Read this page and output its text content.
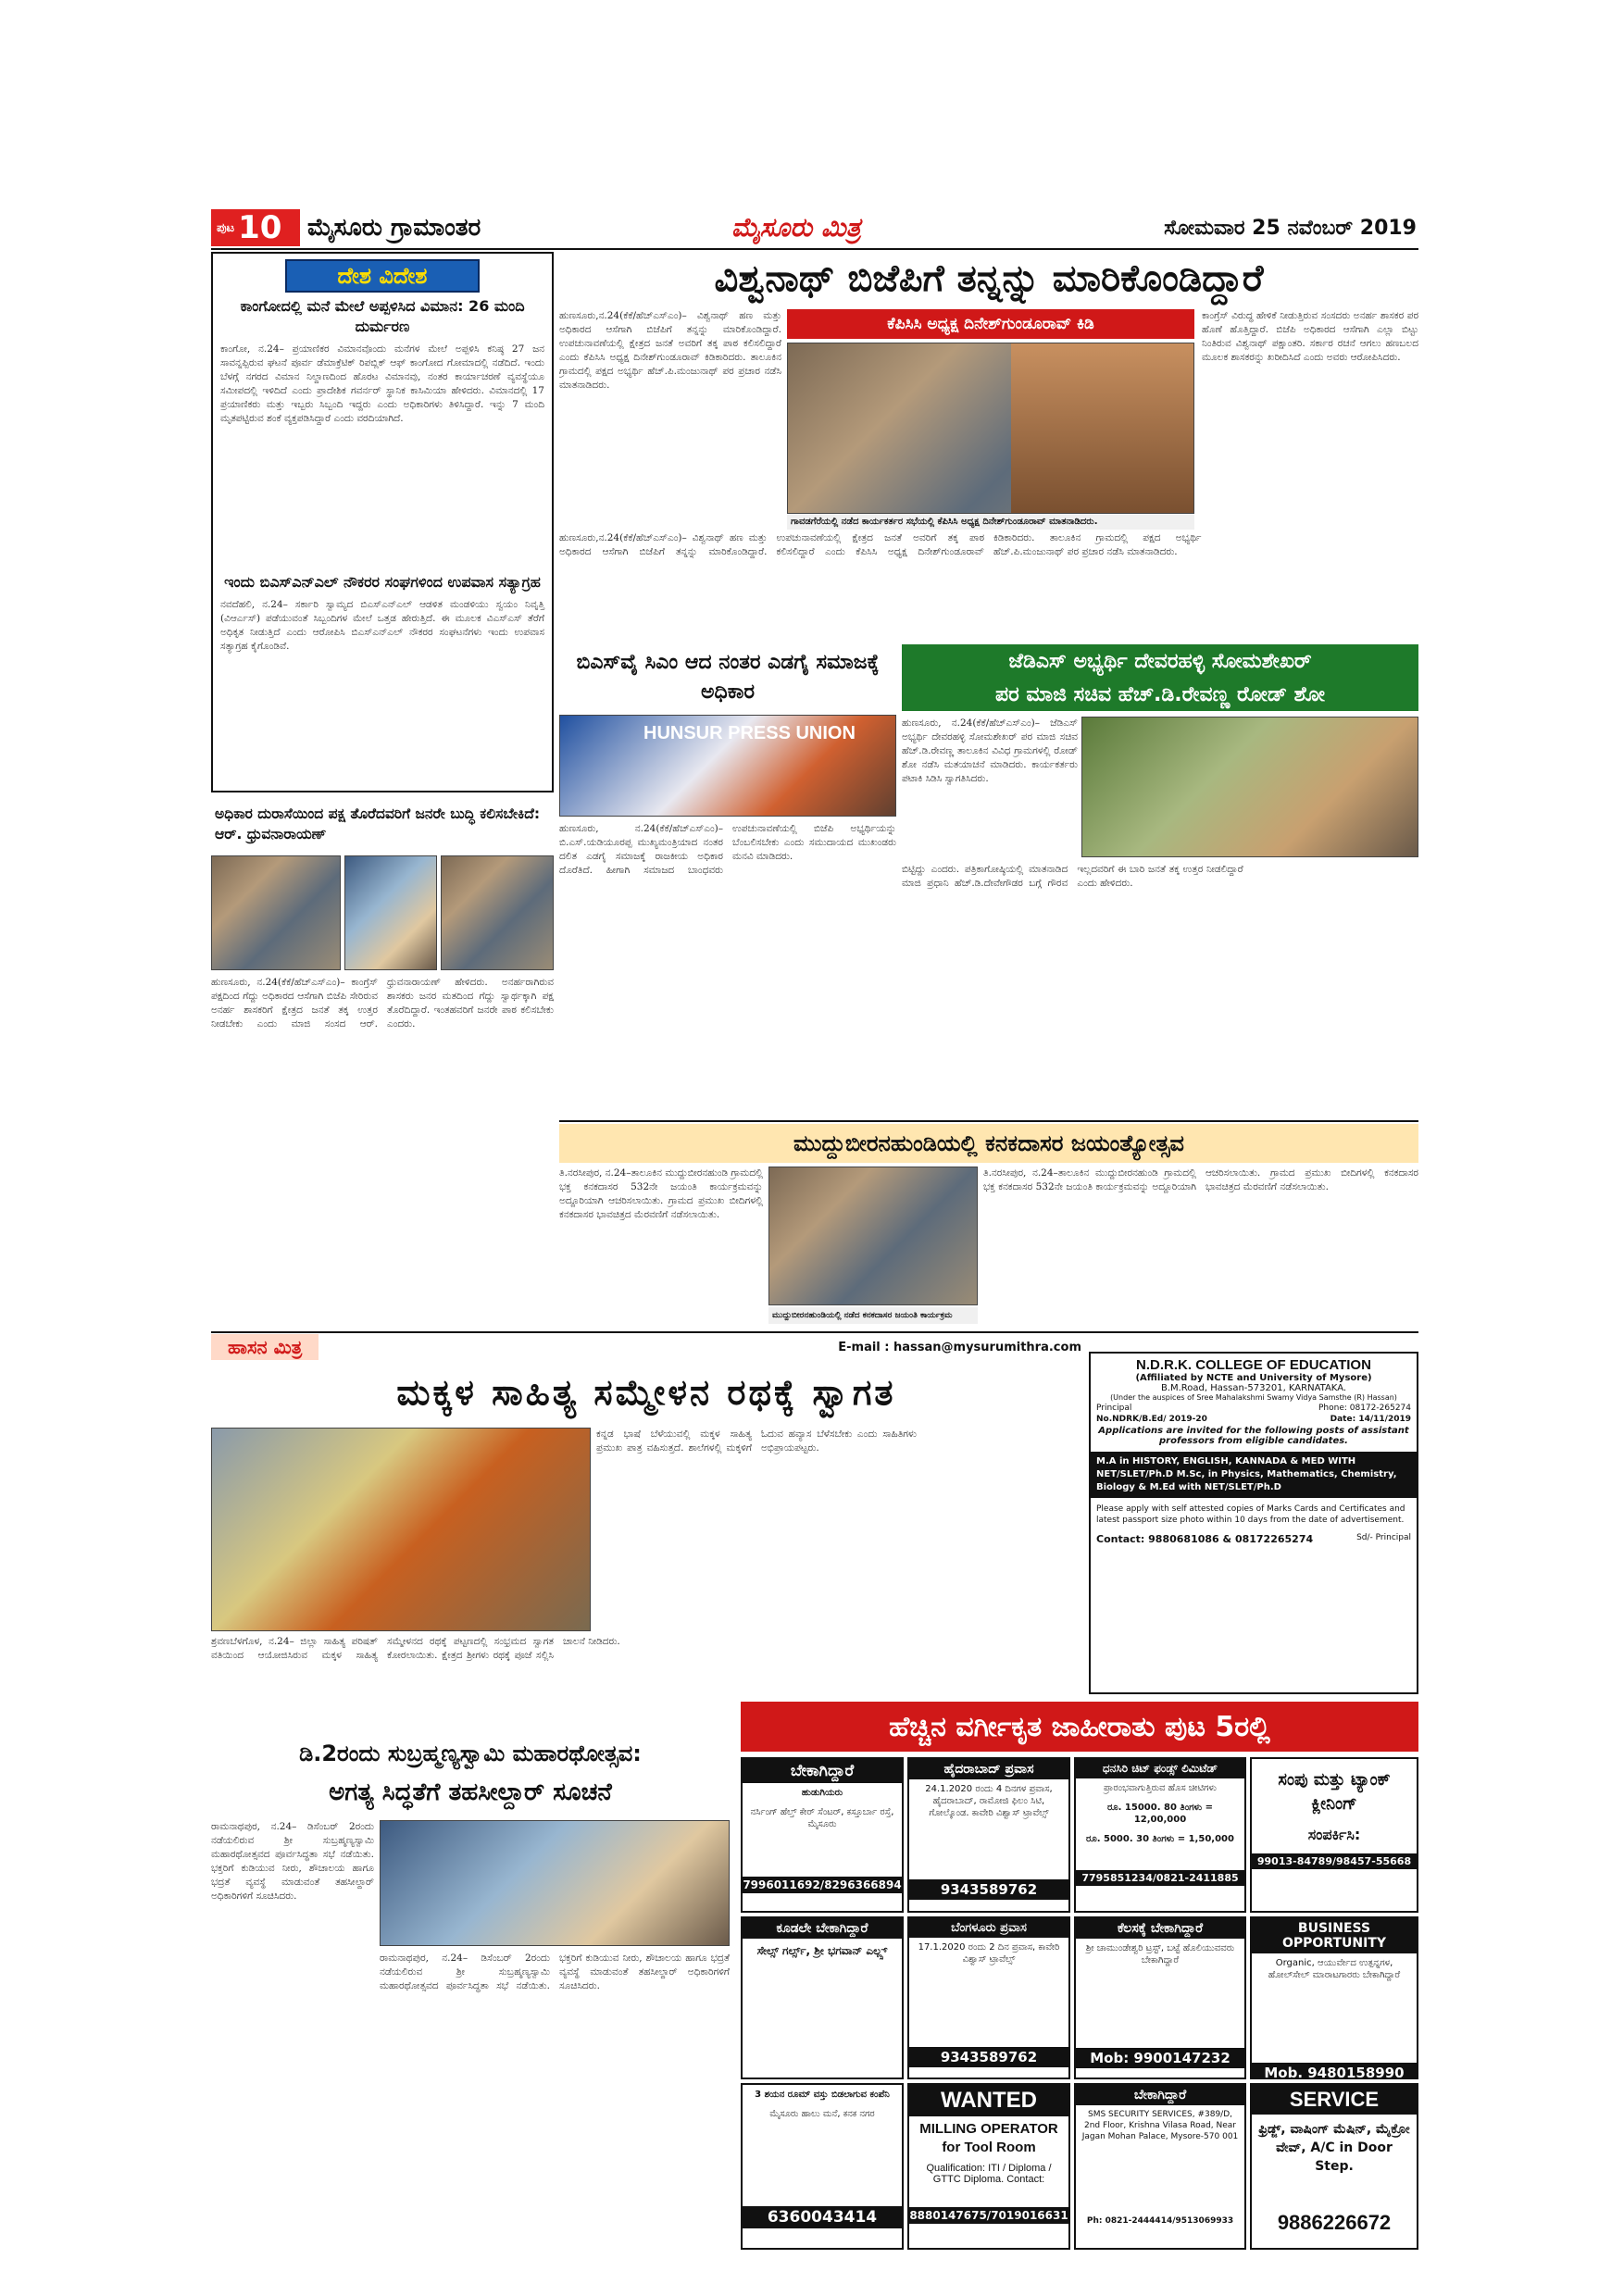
ಪುಟ 10 ಮೈಸೂರು ಗ್ರಾಮಾಂತರ	ಮೈಸೂರು ಮಿತ್ರ	ಸೋಮವಾರ 25 ನವೆಂಬರ್ 2019
ದೇಶ ವಿದೇಶ
ಕಾಂಗೋದಲ್ಲಿ ಮನೆ ಮೇಲೆ ಅಪ್ಪಳಿಸಿದ ವಿಮಾನ: 26 ಮಂದಿ ದುರ್ಮರಣ
ಕಾಂಗೋ, ನ.24– ಪ್ರಯಾಣಿಕರ ವಿಮಾನವೊಂದು ಮನೆಗಳ ಮೇಲೆ ಅಪ್ಪಳಿಸಿ ಕನಿಷ್ಠ 27 ಜನ ಸಾವನ್ನಪ್ಪಿರುವ ಘಟನೆ ಪೂರ್ವ ಡೆಮಾಕ್ರೆಟಿಕ್ ರಿಪಬ್ಲಿಕ್ ಆಫ್ ಕಾಂಗೋದ ಗೋಮಾದಲ್ಲಿ ನಡೆದಿದೆ. ಇಂದು ಬೆಳಗ್ಗೆ ನಗರದ ವಿಮಾನ ನಿಲ್ದಾಣದಿಂದ ಹೊರಟ ವಿಮಾನವು, ನಂತರ ಕಾರ್ಯಾಚರಣೆ ವ್ಯವಸ್ಥೆಯೂ ಸಮೀಪದಲ್ಲಿ ಇಳಿದಿದೆ ಎಂದು ಪ್ರಾದೇಶಿಕ ಗವರ್ನರ್ ಸ್ಥಾನಿಕ ಕಾಸಿಮಿಯಾ ಹೇಳಿದರು. ವಿಮಾನದಲ್ಲಿ 17 ಪ್ರಯಾಣಿಕರು ಮತ್ತು ಇಬ್ಬರು ಸಿಬ್ಬಂದಿ ಇದ್ದರು ಎಂದು ಅಧಿಕಾರಿಗಳು ತಿಳಿಸಿದ್ದಾರೆ. ಇನ್ನು 7 ಮಂದಿ ಮೃತಪಟ್ಟಿರುವ ಶಂಕೆ ವ್ಯಕ್ತಪಡಿಸಿದ್ದಾರೆ ಎಂದು ವರದಿಯಾಗಿದೆ.
ಇಂದು ಬಿಎಸ್ಎನ್ಎಲ್ ನೌಕರರ ಸಂಘಗಳಿಂದ ಉಪವಾಸ ಸತ್ಯಾಗ್ರಹ
ನವದೆಹಲಿ, ನ.24– ಸರ್ಕಾರಿ ಸ್ವಾಮ್ಯದ ಬಿಎಸ್ಎನ್ಎಲ್ ಆಡಳಿತ ಮಂಡಳಿಯು ಸ್ವಯಂ ನಿವೃತ್ತಿ (ವಿಆರ್ಎಸ್) ಪಡೆಯುವಂತೆ ಸಿಬ್ಬಂದಿಗಳ ಮೇಲೆ ಒತ್ತಡ ಹೇರುತ್ತಿದೆ. ಈ ಮೂಲಕ ವಿಎಸ್ಎಸ್ ತೆರೆಗೆ ಅಧಿಕೃತ ನೀಡುತ್ತಿದೆ ಎಂದು ಆರೋಪಿಸಿ ಬಿಎಸ್ಎನ್ಎಲ್ ನೌಕರರ ಸಂಘಟನೆಗಳು ಇಂದು ಉಪವಾಸ ಸತ್ಯಾಗ್ರಹ ಕೈಗೊಂಡಿವೆ.
ವಿಶ್ವನಾಥ್ ಬಿಜೆಪಿಗೆ ತನ್ನನ್ನು ಮಾರಿಕೊಂಡಿದ್ದಾರೆ
ಕೆಪಿಸಿಸಿ ಅಧ್ಯಕ್ಷ ದಿನೇಶ್‌ಗುಂಡೂರಾವ್ ಕಿಡಿ
ಹುಣಸೂರು,ನ.24(ಕೆಕೆ/ಹೆಚ್‌ಎಸ್‌ಎಂ)– ವಿಶ್ವನಾಥ್ ಹಣ ಮತ್ತು ಅಧಿಕಾರದ ಆಸೆಗಾಗಿ ಬಿಜೆಪಿಗೆ ತನ್ನನ್ನು ಮಾರಿಕೊಂಡಿದ್ದಾರೆ. ಉಪಚುನಾವಣೆಯಲ್ಲಿ ಕ್ಷೇತ್ರದ ಜನತೆ ಅವರಿಗೆ ತಕ್ಕ ಪಾಠ ಕಲಿಸಲಿದ್ದಾರೆ ಎಂದು ಕೆಪಿಸಿಸಿ ಅಧ್ಯಕ್ಷ ದಿನೇಶ್‌ಗುಂಡೂರಾವ್ ಕಿಡಿಕಾರಿದರು. ತಾಲೂಕಿನ ಗ್ರಾಮದಲ್ಲಿ ಪಕ್ಷದ ಅಭ್ಯರ್ಥಿ ಹೆಚ್.ಪಿ.ಮಂಜುನಾಥ್ ಪರ ಪ್ರಚಾರ ನಡೆಸಿ ಮಾತನಾಡಿದರು.
ಕಾಂಗ್ರೆಸ್ ವಿರುದ್ಧ ಹೇಳಿಕೆ ನೀಡುತ್ತಿರುವ ಸಂಸದರು ಅನರ್ಹ ಶಾಸಕರ ಪರ ಹೊಣೆ ಹೊತ್ತಿದ್ದಾರೆ. ಬಿಜೆಪಿ ಅಧಿಕಾರದ ಆಸೆಗಾಗಿ ಎಲ್ಲಾ ಬಿಟ್ಟು ನಿಂತಿರುವ ವಿಶ್ವನಾಥ್ ಪಕ್ಷಾಂತರಿ. ಸರ್ಕಾರ ರಚನೆ ಆಗಲು ಹಣಬಲದ ಮೂಲಕ ಶಾಸಕರನ್ನು ಖರೀದಿಸಿದೆ ಎಂದು ಅವರು ಆರೋಪಿಸಿದರು.
ಗಾವಡಗೆರೆಯಲ್ಲಿ ನಡೆದ ಕಾರ್ಯಕರ್ತರ ಸಭೆಯಲ್ಲಿ ಕೆಪಿಸಿಸಿ ಅಧ್ಯಕ್ಷ ದಿನೇಶ್‌ಗುಂಡೂರಾವ್ ಮಾತನಾಡಿದರು.
ಹುಣಸೂರು,ನ.24(ಕೆಕೆ/ಹೆಚ್‌ಎಸ್‌ಎಂ)– ವಿಶ್ವನಾಥ್ ಹಣ ಮತ್ತು ಅಧಿಕಾರದ ಆಸೆಗಾಗಿ ಬಿಜೆಪಿಗೆ ತನ್ನನ್ನು ಮಾರಿಕೊಂಡಿದ್ದಾರೆ. ಉಪಚುನಾವಣೆಯಲ್ಲಿ ಕ್ಷೇತ್ರದ ಜನತೆ ಅವರಿಗೆ ತಕ್ಕ ಪಾಠ ಕಲಿಸಲಿದ್ದಾರೆ ಎಂದು ಕೆಪಿಸಿಸಿ ಅಧ್ಯಕ್ಷ ದಿನೇಶ್‌ಗುಂಡೂರಾವ್ ಕಿಡಿಕಾರಿದರು. ತಾಲೂಕಿನ ಗ್ರಾಮದಲ್ಲಿ ಪಕ್ಷದ ಅಭ್ಯರ್ಥಿ ಹೆಚ್.ಪಿ.ಮಂಜುನಾಥ್ ಪರ ಪ್ರಚಾರ ನಡೆಸಿ ಮಾತನಾಡಿದರು.
ಅಧಿಕಾರ ದುರಾಸೆಯಿಂದ ಪಕ್ಷ ತೊರೆದವರಿಗೆ ಜನರೇ ಬುದ್ಧಿ ಕಲಿಸಬೇಕಿದೆ: ಆರ್. ಧ್ರುವನಾರಾಯಣ್
ಹುಣಸೂರು, ನ.24(ಕೆಕೆ/ಹೆಚ್‌ಎಸ್‌ಎಂ)– ಕಾಂಗ್ರೆಸ್ ಪಕ್ಷದಿಂದ ಗೆದ್ದು ಅಧಿಕಾರದ ಆಸೆಗಾಗಿ ಬಿಜೆಪಿ ಸೇರಿರುವ ಅನರ್ಹ ಶಾಸಕರಿಗೆ ಕ್ಷೇತ್ರದ ಜನತೆ ತಕ್ಕ ಉತ್ತರ ನೀಡಬೇಕು ಎಂದು ಮಾಜಿ ಸಂಸದ ಆರ್. ಧ್ರುವನಾರಾಯಣ್ ಹೇಳಿದರು. ಅನರ್ಹರಾಗಿರುವ ಶಾಸಕರು ಜನರ ಮತದಿಂದ ಗೆದ್ದು ಸ್ವಾರ್ಥಕ್ಕಾಗಿ ಪಕ್ಷ ತೊರೆದಿದ್ದಾರೆ. ಇಂತಹವರಿಗೆ ಜನರೇ ಪಾಠ ಕಲಿಸಬೇಕು ಎಂದರು.
ಬಿಎಸ್‌ವೈ ಸಿಎಂ ಆದ ನಂತರ ಎಡಗೈ ಸಮಾಜಕ್ಕೆ ಅಧಿಕಾರ
HUNSUR PRESS UNION
ಹುಣಸೂರು, ನ.24(ಕೆಕೆ/ಹೆಚ್‌ಎಸ್‌ಎಂ)– ಬಿ.ಎಸ್.ಯಡಿಯೂರಪ್ಪ ಮುಖ್ಯಮಂತ್ರಿಯಾದ ನಂತರ ದಲಿತ ಎಡಗೈ ಸಮಾಜಕ್ಕೆ ರಾಜಕೀಯ ಅಧಿಕಾರ ದೊರೆತಿದೆ. ಹೀಗಾಗಿ ಸಮಾಜದ ಬಾಂಧವರು ಉಪಚುನಾವಣೆಯಲ್ಲಿ ಬಿಜೆಪಿ ಅಭ್ಯರ್ಥಿಯನ್ನು ಬೆಂಬಲಿಸಬೇಕು ಎಂದು ಸಮುದಾಯದ ಮುಖಂಡರು ಮನವಿ ಮಾಡಿದರು.
ಜೆಡಿಎಸ್ ಅಭ್ಯರ್ಥಿ ದೇವರಹಳ್ಳಿ ಸೋಮಶೇಖರ್
ಪರ ಮಾಜಿ ಸಚಿವ ಹೆಚ್.ಡಿ.ರೇವಣ್ಣ ರೋಡ್ ಶೋ
ಹುಣಸೂರು, ನ.24(ಕೆಕೆ/ಹೆಚ್‌ಎಸ್‌ಎಂ)– ಜೆಡಿಎಸ್ ಅಭ್ಯರ್ಥಿ ದೇವರಹಳ್ಳಿ ಸೋಮಶೇಖರ್ ಪರ ಮಾಜಿ ಸಚಿವ ಹೆಚ್.ಡಿ.ರೇವಣ್ಣ ತಾಲೂಕಿನ ವಿವಿಧ ಗ್ರಾಮಗಳಲ್ಲಿ ರೋಡ್ ಶೋ ನಡೆಸಿ ಮತಯಾಚನೆ ಮಾಡಿದರು. ಕಾರ್ಯಕರ್ತರು ಪಟಾಕಿ ಸಿಡಿಸಿ ಸ್ವಾಗತಿಸಿದರು.
ಬಿಟ್ಟಿದ್ದು ಎಂದರು. ಪತ್ರಿಕಾಗೋಷ್ಠಿಯಲ್ಲಿ ಮಾತನಾಡಿದ ಮಾಜಿ ಪ್ರಧಾನಿ ಹೆಚ್.ಡಿ.ದೇವೇಗೌಡರ ಬಗ್ಗೆ ಗೌರವ ಇಲ್ಲದವರಿಗೆ ಈ ಬಾರಿ ಜನತೆ ತಕ್ಕ ಉತ್ತರ ನೀಡಲಿದ್ದಾರೆ ಎಂದು ಹೇಳಿದರು.
ಮುದ್ದುಬೀರನಹುಂಡಿಯಲ್ಲಿ ಕನಕದಾಸರ ಜಯಂತ್ಯೋತ್ಸವ
ತಿ.ನರಸೀಪುರ, ನ.24–ತಾಲೂಕಿನ ಮುದ್ದುಬೀರನಹುಂಡಿ ಗ್ರಾಮದಲ್ಲಿ ಭಕ್ತ ಕನಕದಾಸರ 532ನೇ ಜಯಂತಿ ಕಾರ್ಯಕ್ರಮವನ್ನು ಅದ್ದೂರಿಯಾಗಿ ಆಚರಿಸಲಾಯಿತು. ಗ್ರಾಮದ ಪ್ರಮುಖ ಬೀದಿಗಳಲ್ಲಿ ಕನಕದಾಸರ ಭಾವಚಿತ್ರದ ಮೆರವಣಿಗೆ ನಡೆಸಲಾಯಿತು.
ಮುದ್ದುಬೀರನಹುಂಡಿಯಲ್ಲಿ ನಡೆದ ಕನಕದಾಸರ ಜಯಂತಿ ಕಾರ್ಯಕ್ರಮ
ತಿ.ನರಸೀಪುರ, ನ.24–ತಾಲೂಕಿನ ಮುದ್ದುಬೀರನಹುಂಡಿ ಗ್ರಾಮದಲ್ಲಿ ಭಕ್ತ ಕನಕದಾಸರ 532ನೇ ಜಯಂತಿ ಕಾರ್ಯಕ್ರಮವನ್ನು ಅದ್ದೂರಿಯಾಗಿ ಆಚರಿಸಲಾಯಿತು. ಗ್ರಾಮದ ಪ್ರಮುಖ ಬೀದಿಗಳಲ್ಲಿ ಕನಕದಾಸರ ಭಾವಚಿತ್ರದ ಮೆರವಣಿಗೆ ನಡೆಸಲಾಯಿತು.
ಹಾಸನ ಮಿತ್ರ	E-mail : hassan@mysurumithra.com
ಮಕ್ಕಳ ಸಾಹಿತ್ಯ ಸಮ್ಮೇಳನ ರಥಕ್ಕೆ ಸ್ವಾಗತ
ಕನ್ನಡ ಭಾಷೆ ಬೆಳೆಯುವಲ್ಲಿ ಮಕ್ಕಳ ಸಾಹಿತ್ಯ ಪ್ರಮುಖ ಪಾತ್ರ ವಹಿಸುತ್ತದೆ. ಶಾಲೆಗಳಲ್ಲಿ ಮಕ್ಕಳಿಗೆ ಓದುವ ಹವ್ಯಾಸ ಬೆಳೆಸಬೇಕು ಎಂದು ಸಾಹಿತಿಗಳು ಅಭಿಪ್ರಾಯಪಟ್ಟರು.
ಶ್ರವಣಬೆಳಗೊಳ, ನ.24– ಜಿಲ್ಲಾ ಸಾಹಿತ್ಯ ಪರಿಷತ್ ವತಿಯಿಂದ ಆಯೋಜಿಸಿರುವ ಮಕ್ಕಳ ಸಾಹಿತ್ಯ ಸಮ್ಮೇಳನದ ರಥಕ್ಕೆ ಪಟ್ಟಣದಲ್ಲಿ ಸಂಭ್ರಮದ ಸ್ವಾಗತ ಕೋರಲಾಯಿತು. ಕ್ಷೇತ್ರದ ಶ್ರೀಗಳು ರಥಕ್ಕೆ ಪೂಜೆ ಸಲ್ಲಿಸಿ ಚಾಲನೆ ನೀಡಿದರು.
N.D.R.K. COLLEGE OF EDUCATION
(Affiliated by NCTE and University of Mysore)
B.M.Road, Hassan-573201, KARNATAKA.
(Under the auspices of Sree Mahalakshmi Swamy Vidya Samsthe (R) Hassan)
Principal	Phone: 08172-265274
No.NDRK/B.Ed/ 2019-20	Date: 14/11/2019
Applications are invited for the following posts of assistant professors from eligible candidates.
M.A in HISTORY, ENGLISH, KANNADA & MED WITH NET/SLET/Ph.D M.Sc, in Physics, Mathematics, Chemistry, Biology & M.Ed with NET/SLET/Ph.D
Please apply with self attested copies of Marks Cards and Certificates and latest passport size photo within 10 days from the date of advertisement.
Contact: 9880681086 & 08172265274	Sd/- Principal
ಹೆಚ್ಚಿನ ವರ್ಗೀಕೃತ ಜಾಹೀರಾತು ಪುಟ 5ರಲ್ಲಿ
ಡಿ.2ರಂದು ಸುಬ್ರಹ್ಮಣ್ಯಸ್ವಾಮಿ ಮಹಾರಥೋತ್ಸವ:
ಅಗತ್ಯ ಸಿದ್ಧತೆಗೆ ತಹಸೀಲ್ದಾರ್ ಸೂಚನೆ
ರಾಮನಾಥಪುರ, ನ.24– ಡಿಸೆಂಬರ್ 2ರಂದು ನಡೆಯಲಿರುವ ಶ್ರೀ ಸುಬ್ರಹ್ಮಣ್ಯಸ್ವಾಮಿ ಮಹಾರಥೋತ್ಸವದ ಪೂರ್ವಸಿದ್ಧತಾ ಸಭೆ ನಡೆಯಿತು. ಭಕ್ತರಿಗೆ ಕುಡಿಯುವ ನೀರು, ಶೌಚಾಲಯ ಹಾಗೂ ಭದ್ರತೆ ವ್ಯವಸ್ಥೆ ಮಾಡುವಂತೆ ತಹಸೀಲ್ದಾರ್ ಅಧಿಕಾರಿಗಳಿಗೆ ಸೂಚಿಸಿದರು.
ರಾಮನಾಥಪುರ, ನ.24– ಡಿಸೆಂಬರ್ 2ರಂದು ನಡೆಯಲಿರುವ ಶ್ರೀ ಸುಬ್ರಹ್ಮಣ್ಯಸ್ವಾಮಿ ಮಹಾರಥೋತ್ಸವದ ಪೂರ್ವಸಿದ್ಧತಾ ಸಭೆ ನಡೆಯಿತು. ಭಕ್ತರಿಗೆ ಕುಡಿಯುವ ನೀರು, ಶೌಚಾಲಯ ಹಾಗೂ ಭದ್ರತೆ ವ್ಯವಸ್ಥೆ ಮಾಡುವಂತೆ ತಹಸೀಲ್ದಾರ್ ಅಧಿಕಾರಿಗಳಿಗೆ ಸೂಚಿಸಿದರು.
ಬೇಕಾಗಿದ್ದಾರೆ
ಹುಡುಗಿಯರು
ನರ್ಸಿಂಗ್ ಹೆಲ್ತ್ ಕೇರ್ ಸೆಂಟರ್, ಕಸ್ತೂರ್ಬಾ ರಸ್ತೆ, ಮೈಸೂರು
7996011692/8296366894
ಹೈದರಾಬಾದ್ ಪ್ರವಾಸ
24.1.2020 ರಂದು 4 ದಿನಗಳ ಪ್ರವಾಸ, ಹೈದರಾಬಾದ್, ರಾಮೋಜಿ ಫಿಲಂ ಸಿಟಿ, ಗೋಲ್ಕೊಂಡ. ಕಾವೇರಿ ವಿಶ್ವಾಸ್ ಟ್ರಾವೆಲ್ಸ್
9343589762
ಧನಸಿರಿ ಚಿಟ್ ಫಂಡ್ಸ್ ಲಿಮಿಟೆಡ್
ಪ್ರಾರಂಭವಾಗುತ್ತಿರುವ ಹೊಸ ಚೀಟಿಗಳು
ರೂ. 15000. 80 ತಿಂಗಳು = 12,00,000
ರೂ. 5000. 30 ತಿಂಗಳು = 1,50,000
7795851234/0821-2411885
ಸಂಪು ಮತ್ತು ಟ್ಯಾಂಕ್ ಕ್ಲೀನಿಂಗ್
ಸಂಪರ್ಕಿಸಿ:
99013-84789/98457-55668
ಕೂಡಲೇ ಬೇಕಾಗಿದ್ದಾರೆ
ಸೇಲ್ಸ್ ಗರ್ಲ್ಸ್, ಶ್ರೀ ಭಗವಾನ್ ಎಲ್ಲ್ಸ್
ಬೆಂಗಳೂರು ಪ್ರವಾಸ
17.1.2020 ರಂದು 2 ದಿನ ಪ್ರವಾಸ, ಕಾವೇರಿ ವಿಶ್ವಾಸ್ ಟ್ರಾವೆಲ್ಸ್
9343589762
ಕೆಲಸಕ್ಕೆ ಬೇಕಾಗಿದ್ದಾರೆ
ಶ್ರೀ ಚಾಮುಂಡೇಶ್ವರಿ ಟ್ರಸ್ಟ್, ಬಟ್ಟೆ ಹೊಲಿಯುವವರು ಬೇಕಾಗಿದ್ದಾರೆ
Mob: 9900147232
BUSINESS OPPORTUNITY
Organic, ಆಯುರ್ವೇದ ಉತ್ಪನ್ನಗಳ, ಹೋಲ್‌ಸೇಲ್ ಮಾರಾಟಗಾರರು ಬೇಕಾಗಿದ್ದಾರೆ
Mob. 9480158990
3 ಶಯನ ರೂಮ್ ವಸ್ತು ಬಿಡಲಾಗುವ ಕಂಪೆನಿ
ಮೈಸೂರು ಹಾಲು ಮನೆ, ಕನಕ ನಗರ
6360043414
WANTED
MILLING OPERATOR for Tool Room
Qualification: ITI / Diploma / GTTC Diploma. Contact:
8880147675/7019016631
ಬೇಕಾಗಿದ್ದಾರೆ
SMS SECURITY SERVICES, #389/D, 2nd Floor, Krishna Vilasa Road, Near Jagan Mohan Palace, Mysore-570 001
Ph: 0821-2444414/9513069933
SERVICE
ಫ್ರಿಡ್ಜ್, ವಾಷಿಂಗ್ ಮೆಷಿನ್, ಮೈಕ್ರೋ ವೇವ್, A/C in Door Step.
9886226672
